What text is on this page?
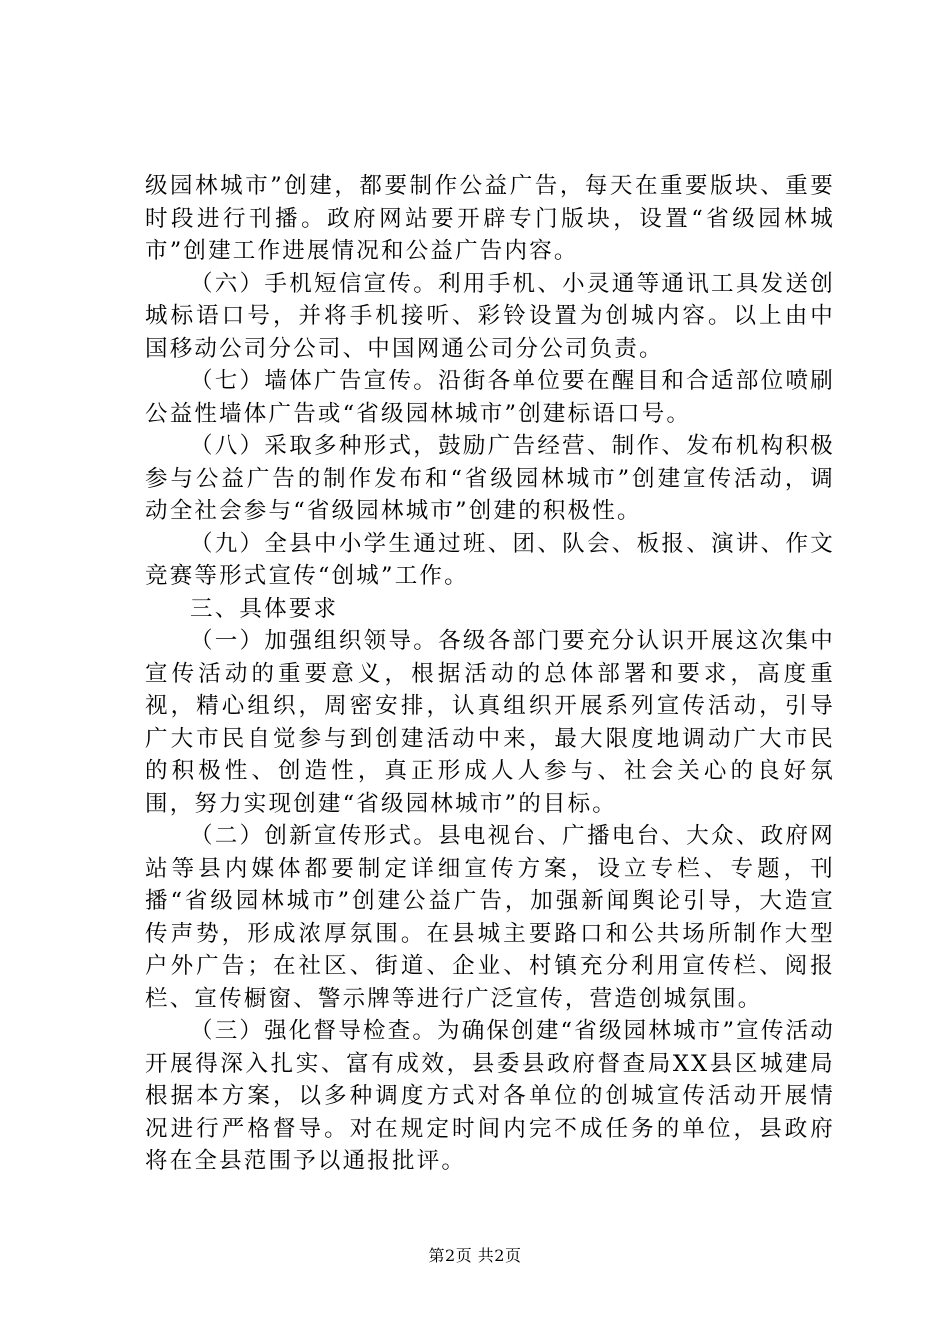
级园林城市”创建，都要制作公益广告，每天在重要版块、重要时段进行刊播。政府网站要开辟专门版块，设置“省级园林城市”创建工作进展情况和公益广告内容。

（六）手机短信宣传。利用手机、小灵通等通讯工具发送创城标语口号，并将手机接听、彩铃设置为创城内容。以上由中国移动公司分公司、中国网通公司分公司负责。

（七）墙体广告宣传。沿街各单位要在醒目和合适部位喷刷公益性墙体广告或“省级园林城市”创建标语口号。

（八）采取多种形式，鼓励广告经营、制作、发布机构积极参与公益广告的制作发布和“省级园林城市”创建宣传活动，调动全社会参与“省级园林城市”创建的积极性。

（九）全县中小学生通过班、团、队会、板报、演讲、作文竞赛等形式宣传“创城”工作。

三、具体要求

（一）加强组织领导。各级各部门要充分认识开展这次集中宣传活动的重要意义，根据活动的总体部署和要求，高度重视，精心组织，周密安排，认真组织开展系列宣传活动，引导广大市民自觉参与到创建活动中来，最大限度地调动广大市民的积极性、创造性，真正形成人人参与、社会关心的良好氛围，努力实现创建“省级园林城市”的目标。

（二）创新宣传形式。县电视台、广播电台、大众、政府网站等县内媒体都要制定详细宣传方案，设立专栏、专题，刊播“省级园林城市”创建公益广告，加强新闻舆论引导，大造宣传声势，形成浓厚氛围。在县城主要路口和公共场所制作大型户外广告；在社区、街道、企业、村镇充分利用宣传栏、阅报栏、宣传橱窗、警示牌等进行广泛宣传，营造创城氛围。

（三）强化督导检查。为确保创建“省级园林城市”宣传活动开展得深入扎实、富有成效，县委县政府督查局XX县区城建局根据本方案，以多种调度方式对各单位的创城宣传活动开展情况进行严格督导。对在规定时间内完不成任务的单位，县政府将在全县范围予以通报批评。

第2页 共2页
